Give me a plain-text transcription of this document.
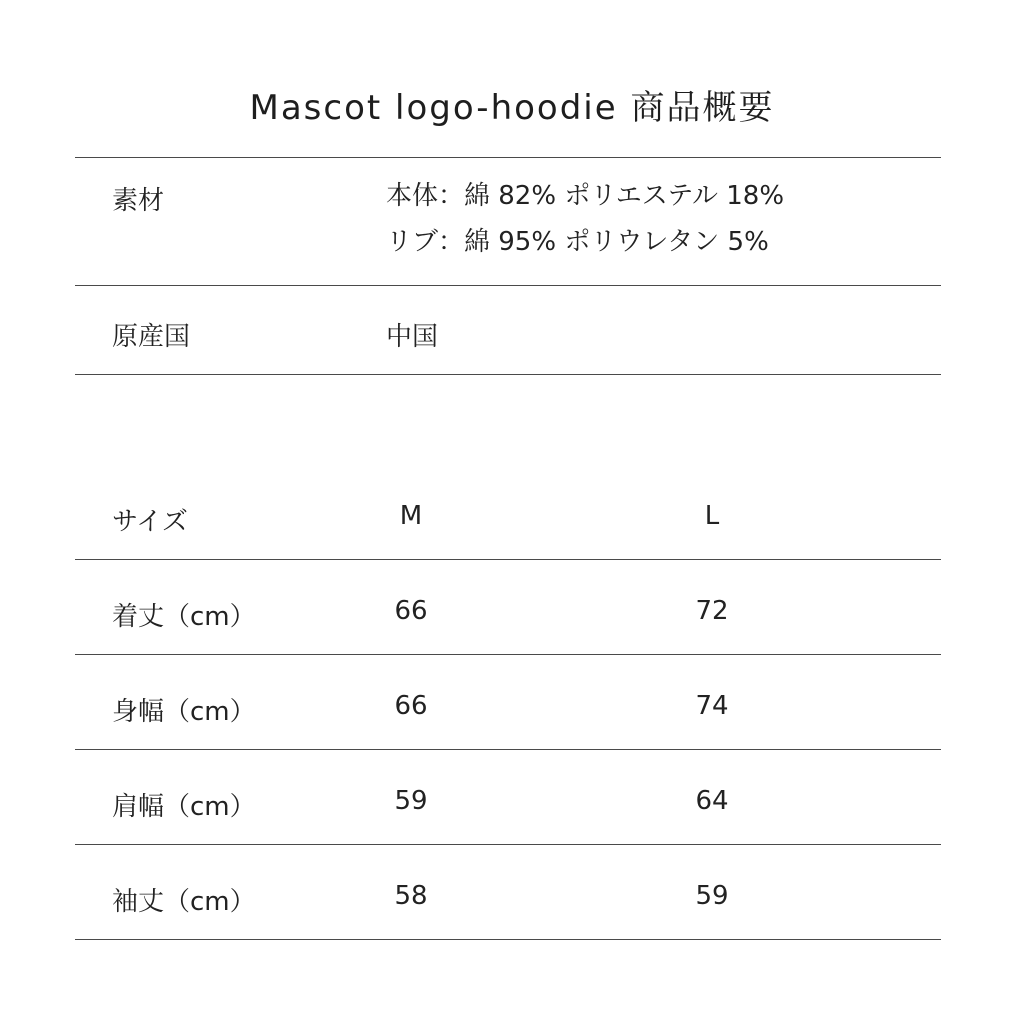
Mascot logo-hoodie 商品概要
素材	本体：綿 82% ポリエステル 18%
リブ：綿 95% ポリウレタン 5%
原産国	中国
サイズ	M	L
着丈（cm）	66	72
身幅（cm）	66	74
肩幅（cm）	59	64
袖丈（cm）	58	59
